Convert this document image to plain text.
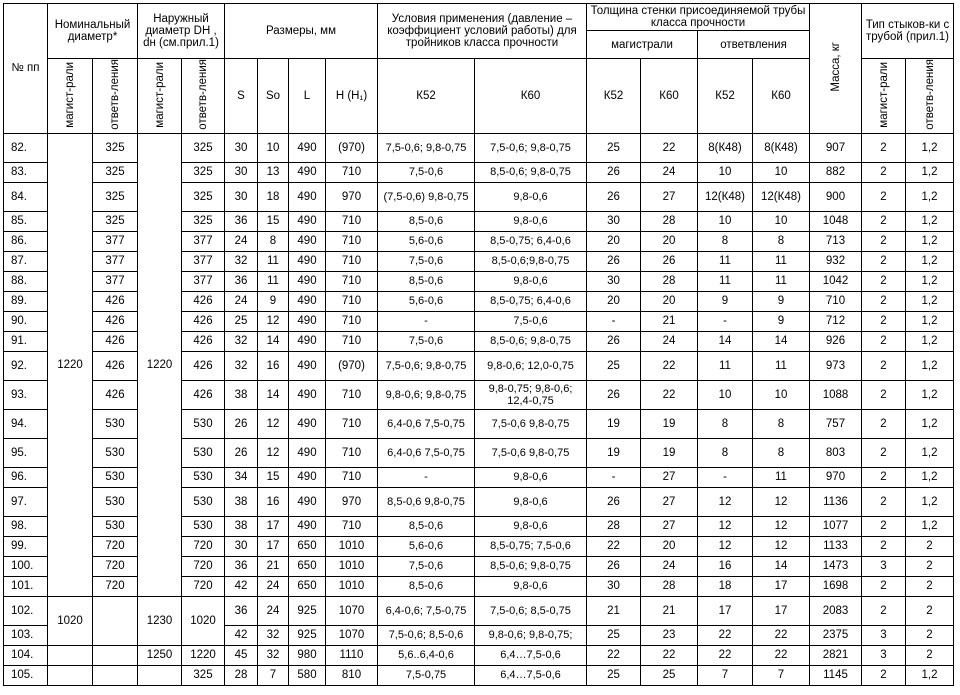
№ пп	Номинальный диаметр*		Наружный диаметр DH , dн (см.прил.1)		Размеры, мм				Условия применения (давление – коэффициент условий работы) для тройников класса прочности		Толщина стенки присоединяемой трубы класса прочности				Масса, кг	Тип стыков-ки с трубой (прил.1)	
											магистрали		ответвления				
	магист-рали	ответв-ления	магист-рали	ответв-ления	S	So	L	H (H₁)	К52	К60	К52	К60	К52	К60		магист-рали	ответв-ления
82.	1220	325	1220	325	30	10	490	(970)	7,5-0,6; 9,8-0,75	7,5-0,6; 9,8-0,75	25	22	8(К48)	8(К48)	907	2	1,2
83.		325		325	30	13	490	710	7,5-0,6	8,5-0,6; 9,8-0,75	26	24	10	10	882	2	1,2
84.		325		325	30	18	490	970	(7,5-0,6) 9,8-0,75	9,8-0,6	26	27	12(К48)	12(К48)	900	2	1,2
85.		325		325	36	15	490	710	8,5-0,6	9,8-0,6	30	28	10	10	1048	2	1,2
86.		377		377	24	8	490	710	5,6-0,6	8,5-0,75; 6,4-0,6	20	20	8	8	713	2	1,2
87.		377		377	32	11	490	710	7,5-0,6	8,5-0,6;9,8-0,75	26	26	11	11	932	2	1,2
88.		377		377	36	11	490	710	8,5-0,6	9,8-0,6	30	28	11	11	1042	2	1,2
89.		426		426	24	9	490	710	5,6-0,6	8,5-0,75; 6,4-0,6	20	20	9	9	710	2	1,2
90.		426		426	25	12	490	710	-	7,5-0,6	-	21	-	9	712	2	1,2
91.		426		426	32	14	490	710	7,5-0,6	8,5-0,6; 9,8-0,75	26	24	14	14	926	2	1,2
92.		426		426	32	16	490	(970)	7,5-0,6; 9,8-0,75	9,8-0,6; 12,0-0,75	25	22	11	11	973	2	1,2
93.		426		426	38	14	490	710	9,8-0,6; 9,8-0,75	9,8-0,75; 9,8-0,6; 12,4-0,75	26	22	10	10	1088	2	1,2
94.		530		530	26	12	490	710	6,4-0,6 7,5-0,75	7,5-0,6 9,8-0,75	19	19	8	8	757	2	1,2
95.		530		530	26	12	490	710	6,4-0,6 7,5-0,75	7,5-0,6 9,8-0,75	19	19	8	8	803	2	1,2
96.		530		530	34	15	490	710	-	9,8-0,6	-	27	-	11	970	2	1,2
97.		530		530	38	16	490	970	8,5-0,6 9,8-0,75	9,8-0,6	26	27	12	12	1136	2	1,2
98.		530		530	38	17	490	710	8,5-0,6	9,8-0,6	28	27	12	12	1077	2	1,2
99.		720		720	30	17	650	1010	5,6-0,6	8,5-0,75; 7,5-0,6	22	20	12	12	1133	2	2
100.		720		720	36	21	650	1010	7,5-0,6	8,5-0,6; 9,8-0,75	26	24	16	14	1473	3	2
101.		720		720	42	24	650	1010	8,5-0,6	9,8-0,6	30	28	18	17	1698	2	2
102.	1020		1230	1020	36	24	925	1070	6,4-0,6; 7,5-0,75	7,5-0,6; 8,5-0,75	21	21	17	17	2083	2	2
103.					42	32	925	1070	7,5-0,6; 8,5-0,6	9,8-0,6; 9,8-0,75;	25	23	22	22	2375	3	2
104.			1250	1220	45	32	980	1110	5,6..6,4-0,6	6,4…7,5-0,6	22	22	22	22	2821	3	2
105.				325	28	7	580	810	7,5-0,75	6,4…7,5-0,6	25	25	7	7	1145	2	1,2
